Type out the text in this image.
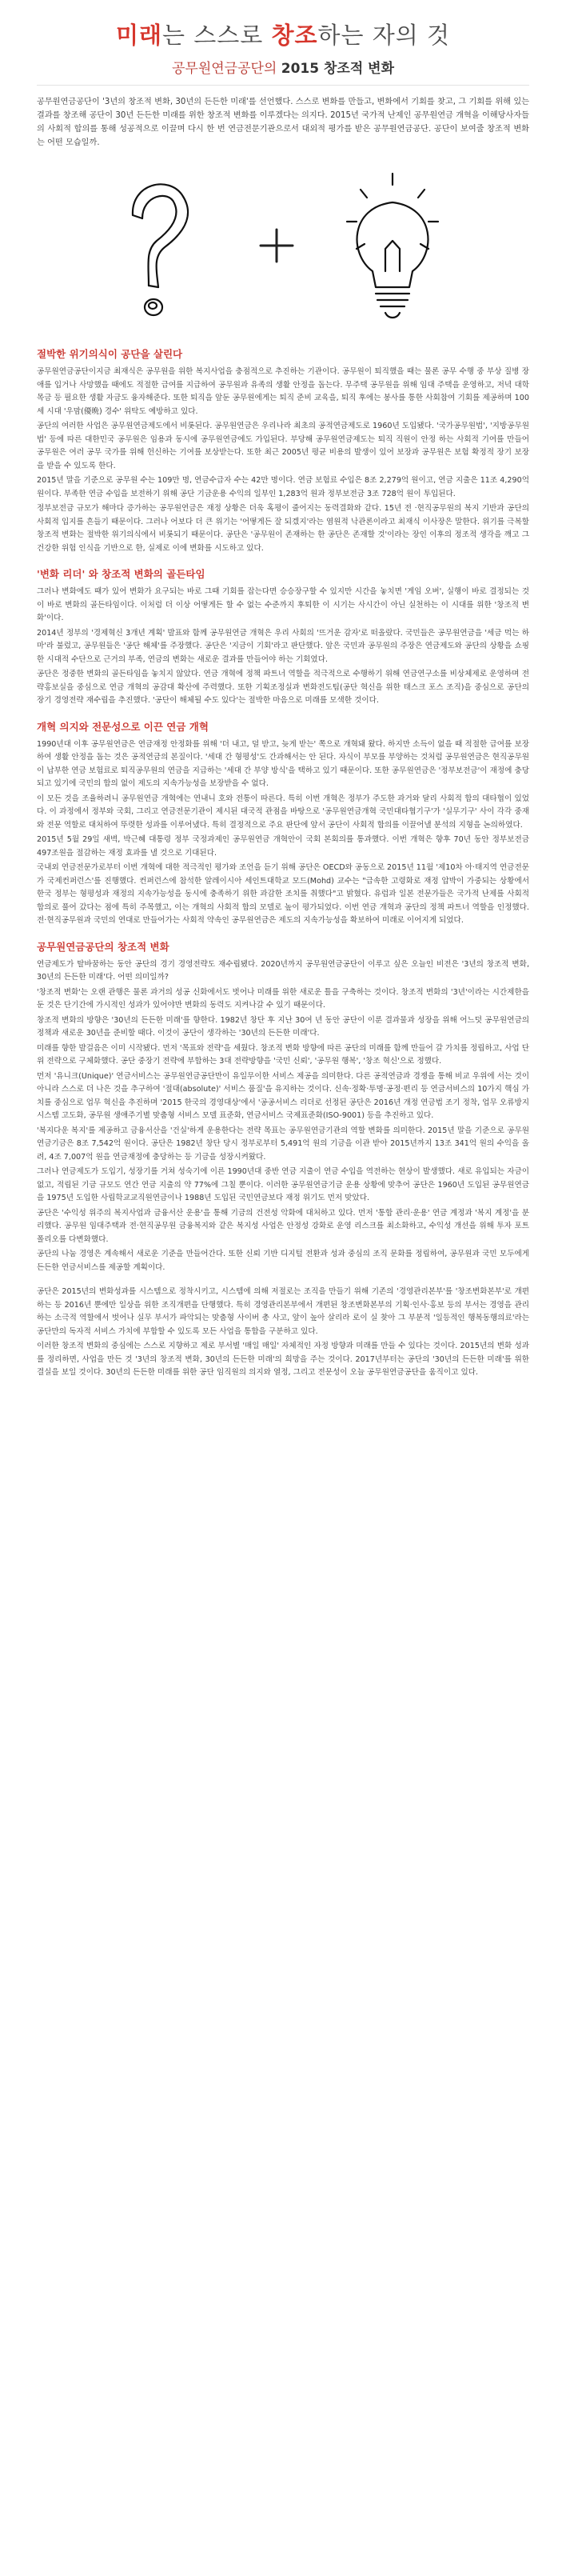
미래는 스스로 창조하는 자의 것
공무원연금공단의 2015 창조적 변화
공무원연금공단이 '3년의 창조적 변화, 30년의 든든한 미래'를 선언했다. 스스로 변화를 만들고, 변화에서 기회를 찾고, 그 기회를 위해 있는 결과를 창조해 공단이 30년 든든한 미래를 위한 창조적 변화를 이루겠다는 의지다. 2015년 국가적 난제인 공무원연금 개혁을 이해당사자들의 사회적 합의를 통해 성공적으로 이끌며 다시 한 번 연금전문기관으로서 대외적 평가를 받은 공무원연금공단. 공단이 보여줄 창조적 변화는 어떤 모습일까.
절박한 위기의식이 공단을 살린다

공무원연금공단이지금 최재식은 공무원을 위한 복지사업을 충점적으로 추진하는 기관이다. 공무원이 퇴직했을 때는 물론 공무 수행 중 부상 질병 장애를 입거나 사망했을 때에도 적절한 급여를 지급하여 공무원과 유족의 생활 안정을 돕는다. 무주택 공무원을 위해 임대 주택을 운영하고, 저녁 대학목금 등 필요한 생활 자금도 융자해준다. 또한 퇴직을 앞둔 공무원에게는 퇴직 준비 교육을, 퇴직 후에는 봉사를 통한 사회참여 기회를 제공하며 100세 시대 '우맘(優晩) 경수' 위탁도 예방하고 있다.

공단의 여러한 사업은 공무원연금제도에서 비롯된다. 공무원연금은 우리나라 최초의 공적연금제도로 1960년 도입됐다. '국가공무원법', '지방공무원법' 등에 따른 대한민국 공무원은 임용과 동시에 공무원연금에도 가입된다. 부당해 공무원연금제도는 퇴직 직원이 안정 하는 사회적 기여를 만들어 공무원은 여러 공무 국가를 위해 헌신하는 기여를 보상받는다. 또한 최근 2005년 평균 비용의 발생이 있어 보장과 공무원은 보험 확정적 장기 보장을 받을 수 있도록 한다.

2015년 말을 기준으로 공무원 수는 109만 명, 연금수급자 수는 42만 명이다. 연금 보험료 수입은 8조 2,279억 원이고, 연금 지출은 11조 4,290억 원이다. 부족한 연금 수입을 보전하기 위해 공단 기금운용 수익의 일부인 1,283억 원과 정부보전금 3조 728억 원이 투입된다.

정부보전금 규모가 해마다 증가하는 공무원연금은 재정 상황은 더욱 혹평이 줄어지는 동력결화와 같다. 15년 전 ·현직공무원의 복지 기반과 공단의 사회적 입지를 흔들기 때문이다. 그러나 어보다 더 큰 위기는 '어떻게든 잘 되겠지'라는 염원적 낙관론이라고 최재식 이사장은 말한다. 위기를 극복할 창조적 변화는 절박한 위기의식에서 비롯되기 때문이다. 공단은 '공무원이 존재하는 한 공단은 존재할 것'이라는 장인 이후의 정조적 생각을 깨고 그 건강한 위험 인식을 기반으로 한, 실제로 이에 변화를 시도하고 있다.

'변화 리더' 와 창조적 변화의 골든타임

그러나 변화에도 때가 있어 변화가 요구되는 바로 그때 기회를 잡는다면 승승장구할 수 있지만 시간을 놓치면 '게임 오버', 실행이 바로 결정되는 것이 바로 변화의 골든타임이다. 이처럼 더 이상 어떻게든 할 수 없는 수준까지 후퇴한 이 시기는 사시간이 아닌 실천하는 이 시대를 위한 '창조적 변화'이다.

2014년 정부의 '경제혁신 3개년 계획' 발표와 함께 공무원연금 개혁은 우리 사회의 '뜨거운 감자'로 떠올랐다. 국민들은 공무원연금을 '세금 먹는 하마'라 불렀고, 공무원들은 '공단 해체'를 주장했다. 공단은 '지금이 기회'라고 판단했다. 앞은 국민과 공무원의 주장은 연금제도와 공단의 상황을 쇼핑한 시대적 수단으로 근거의 부족, 연금의 변화는 새로운 결과를 만들어야 하는 기회였다.

공단은 정중한 변화의 골든타임을 놓치지 않았다. 연금 개혁에 정책 파트너 역할을 적극적으로 수행하기 위해 연금연구소를 비상체제로 운영하며 전략홍보실을 중심으로 연금 개혁의 공감대 확산에 주력했다. 또한 기획조정실과 변화전도팀(공단 혁신을 위한 태스크 포스 조직)을 중심으로 공단의 장기 경영전략 재수립을 추진했다. '공단이 해체될 수도 있다'는 절박한 마음으로 미래를 모색한 것이다.

개혁 의지와 전문성으로 이끈 연금 개혁

1990년대 이후 공무원연금은 연금재정 안정화를 위해 '더 내고, 덜 받고, 늦게 받는' 쪽으로 개혁돼 왔다. 하지만 소득이 없을 때 적절한 급여를 보장하여 생활 안정을 돕는 것은 공적연금의 본질이다. '세대 간 형평성'도 간과해서는 안 된다. 자식이 부모를 부양하는 것처럼 공무원연금은 현직공무원이 납부한 연금 보험료로 퇴직공무원의 연금을 지급하는 '세대 간 부양 방식'을 택하고 있기 때문이다. 또한 공무원연금은 '정부보전금'이 재정에 충당되고 있기에 국민의 합의 없이 제도의 지속가능성을 보장받을 수 없다.

이 모든 것을 조율하려니 공무원연금 개혁에는 연내니 호와 전통이 따른다. 특히 이번 개혁은 정부가 주도한 과거와 달리 사회적 합의 대타협이 있었다. 이 과정에서 정부와 국회, 그리고 연금전문기관이 제시된 대국적 관점을 바탕으로 '공무원연금개혁 국민대타협기구'가 '실무기구' 사이 각각 중재와 전문 역할로 대처하여 뚜렷한 성과를 이루어냈다. 특히 결정적으로 주요 판단에 앞서 공단이 사회적 합의를 이끌어낼 분석의 지형을 논의하였다.

2015년 5월 29일 새벽, 박근혜 대통령 정부 국정과제인 공무원연금 개혁안이 국회 본회의를 통과했다. 이번 개혁은 향후 70년 동안 정부보전금 497조원을 절감하는 재정 효과를 낼 것으로 기대된다.

국내외 연금전문가로부터 이번 개혁에 대한 적극적인 평가와 조언을 듣기 위해 공단은 OECD와 공동으로 2015년 11월 '제10차 아·태지역 연금전문가 국제컨퍼런스'를 진행했다. 컨퍼런스에 참석한 알레이시아 세인트대학교 모드(Mohd) 교수는 "급속한 고령화로 재정 압박이 가중되는 상황에서 한국 정부는 형평성과 재정의 지속가능성을 동시에 충족하기 위한 과감한 조치를 취했다"고 밝혔다. 유럽과 일본 전문가들은 국가적 난제를 사회적 합의로 풀어 갔다는 점에 특히 주목했고, 이는 개혁의 사회적 합의 모델로 높이 평가되었다. 이번 연금 개혁과 공단의 정책 파트너 역할을 인정했다. 전·현직공무원과 국민의 연대로 만들어가는 사회적 약속인 공무원연금은 제도의 지속가능성을 확보하여 미래로 이어지게 되었다.

공무원연금공단의 창조적 변화

연금제도가 탈바꿈하는 동안 공단의 경기 경영전략도 재수립됐다. 2020년까지 공무원연금공단이 이루고 싶은 오늘인 비전은 '3년의 창조적 변화, 30년의 든든한 미래'다. 어떤 의미일까?

'창조적 변화'는 오랜 관행은 물론 과거의 성공 신화에서도 벗어나 미래를 위한 새로운 틀을 구축하는 것이다. 창조적 변화의 '3년'이라는 시간제한을 둔 것은 단기간에 가시적인 성과가 있어야만 변화의 동력도 지켜나갈 수 있기 때문이다.

창조적 변화의 방향은 '30년의 든든한 미래'를 향한다. 1982년 창단 후 지난 30여 년 동안 공단이 이룬 결과물과 성장을 위해 어느덧 공무원연금의 정책과 새로운 30년을 준비할 때다. 이것이 공단이 생각하는 '30년의 든든한 미래'다.

미래를 향한 발걸음은 이미 시작됐다. 먼저 '목표와 전략'을 세웠다. 창조적 변화 방향에 따른 공단의 미래를 함께 만들어 갈 가치를 정립하고, 사업 단위 전략으로 구체화했다. 공단 중장기 전략에 부합하는 3대 전략방향을 '국민 신뢰', '공무원 행복', '창조 혁신'으로 정했다.

먼저 '유니크(Unique)' 연금서비스는 공무원연금공단만이 유일무이한 서비스 제공을 의미한다. 다른 공적연금과 경쟁을 통해 비교 우위에 서는 것이 아니라 스스로 더 나은 것을 추구하여 '절대(absolute)' 서비스 품질'을 유지하는 것이다. 신속·정확·투명·공정·편리 등 연금서비스의 10가지 핵심 가치를 중심으로 업무 혁신을 추진하며 '2015 한국의 경영대상'에서 '공공서비스 리더로 선정된 공단은 2016년 개정 연금법 조기 정착, 업무 오류방지시스템 고도화, 공무원 생애주기별 맞춤형 서비스 모델 표준화, 연금서비스 국제표준화(ISO-9001) 등을 추진하고 있다.

'복지다운 복지'를 제공하고 금융서산을 '건실'하게 운용한다는 전략 목표는 공무원연금기관의 역할 변화를 의미한다. 2015년 말을 기준으로 공무원연금기금은 8조 7,542억 원이다. 공단은 1982년 창단 당시 정부로부터 5,491억 원의 기금을 이관 받아 2015년까지 13조 341억 원의 수익을 올려, 4조 7,007억 원을 연금재정에 충당하는 등 기금을 성장시켜왔다.

그러나 연금제도가 도입기, 성장기를 거쳐 성숙기에 이른 1990년대 중반 연금 지출이 연금 수입을 역전하는 현상이 발생했다. 새로 유입되는 자금이 없고, 적립된 기금 규모도 연간 연금 지출의 약 77%에 그칠 뿐이다. 이러한 공무원연금기금 운용 상황에 맞추어 공단은 1960년 도입된 공무원연금을 1975년 도입한 사립학교교직원연금이나 1988년 도입된 국민연금보다 재정 위기도 먼저 맞았다.

공단은 '수익성 위주의 복지사업과 금융서산 운용'을 통해 기금의 건전성 악화에 대처하고 있다. 먼저 '통합 관리·운용' 연금 계정과 '복지 계정'을 분리했다. 공무원 임대주택과 전·현직공무원 금융복지와 같은 복지성 사업은 안정성 강화로 운영 리스크를 최소화하고, 수익성 개선을 위해 투자 포트폴리오를 다변화했다.

공단의 나눔 경영은 계속해서 새로운 기준을 만들어간다. 또한 신뢰 기반 디지털 전환과 성과 중심의 조직 문화를 정립하여, 공무원과 국민 모두에게 든든한 연금서비스를 제공할 계획이다.

공단은 2015년의 변화성과를 시스템으로 정착시키고, 시스템에 의해 저절로는 조직을 만들기 위해 기존의 '경영관리본부'를 '창조변화본부'로 개편하는 등 2016년 뿐에만 일상을 위한 조직개편을 단행했다. 특히 경영관리본부에서 개편된 창조변화본부의 기획·인사·홍보 등의 부서는 경영을 관리하는 소극적 역할에서 벗어나 실무 부서가 파악되는 맞춤형 사이버 총 사고, 앞이 높아 살리라 로이 실 찾아 그 부분적 '일등적인 행복동행의료'라는 공단만의 독자적 서비스 가치에 부합할 수 있도록 모든 사업을 통합을 구분하고 있다.

이러한 창조적 변화의 중심에는 스스로 지향하고 제로 부서별 '매일 매일' 자체적인 자정 방향과 미래를 만들 수 있다는 것이다. 2015년의 변화 성과를 정리하면, 사업을 만든 것 '3년의 창조적 변화, 30년의 든든한 미래'의 희망을 주는 것이다. 2017년부터는 공단의 '30년의 든든한 미래'를 위한 결실을 보일 것이다. 30년의 든든한 미래를 위한 공단 임직원의 의지와 열정, 그리고 전문성이 오늘 공무원연금공단을 움직이고 있다.
